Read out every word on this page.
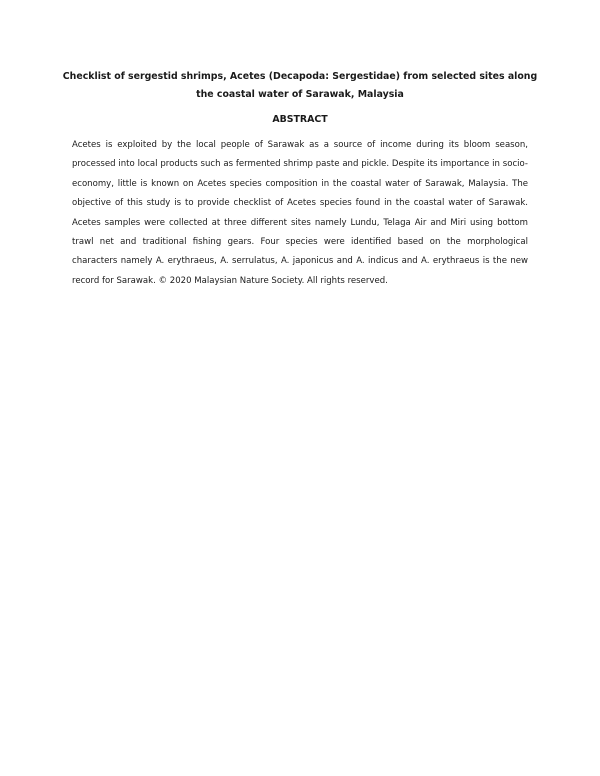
Checklist of sergestid shrimps, Acetes (Decapoda: Sergestidae) from selected sites along the coastal water of Sarawak, Malaysia
ABSTRACT
Acetes is exploited by the local people of Sarawak as a source of income during its bloom season, processed into local products such as fermented shrimp paste and pickle. Despite its importance in socio-economy, little is known on Acetes species composition in the coastal water of Sarawak, Malaysia. The objective of this study is to provide checklist of Acetes species found in the coastal water of Sarawak. Acetes samples were collected at three different sites namely Lundu, Telaga Air and Miri using bottom trawl net and traditional fishing gears. Four species were identified based on the morphological characters namely A. erythraeus, A. serrulatus, A. japonicus and A. indicus and A. erythraeus is the new record for Sarawak. © 2020 Malaysian Nature Society. All rights reserved.
